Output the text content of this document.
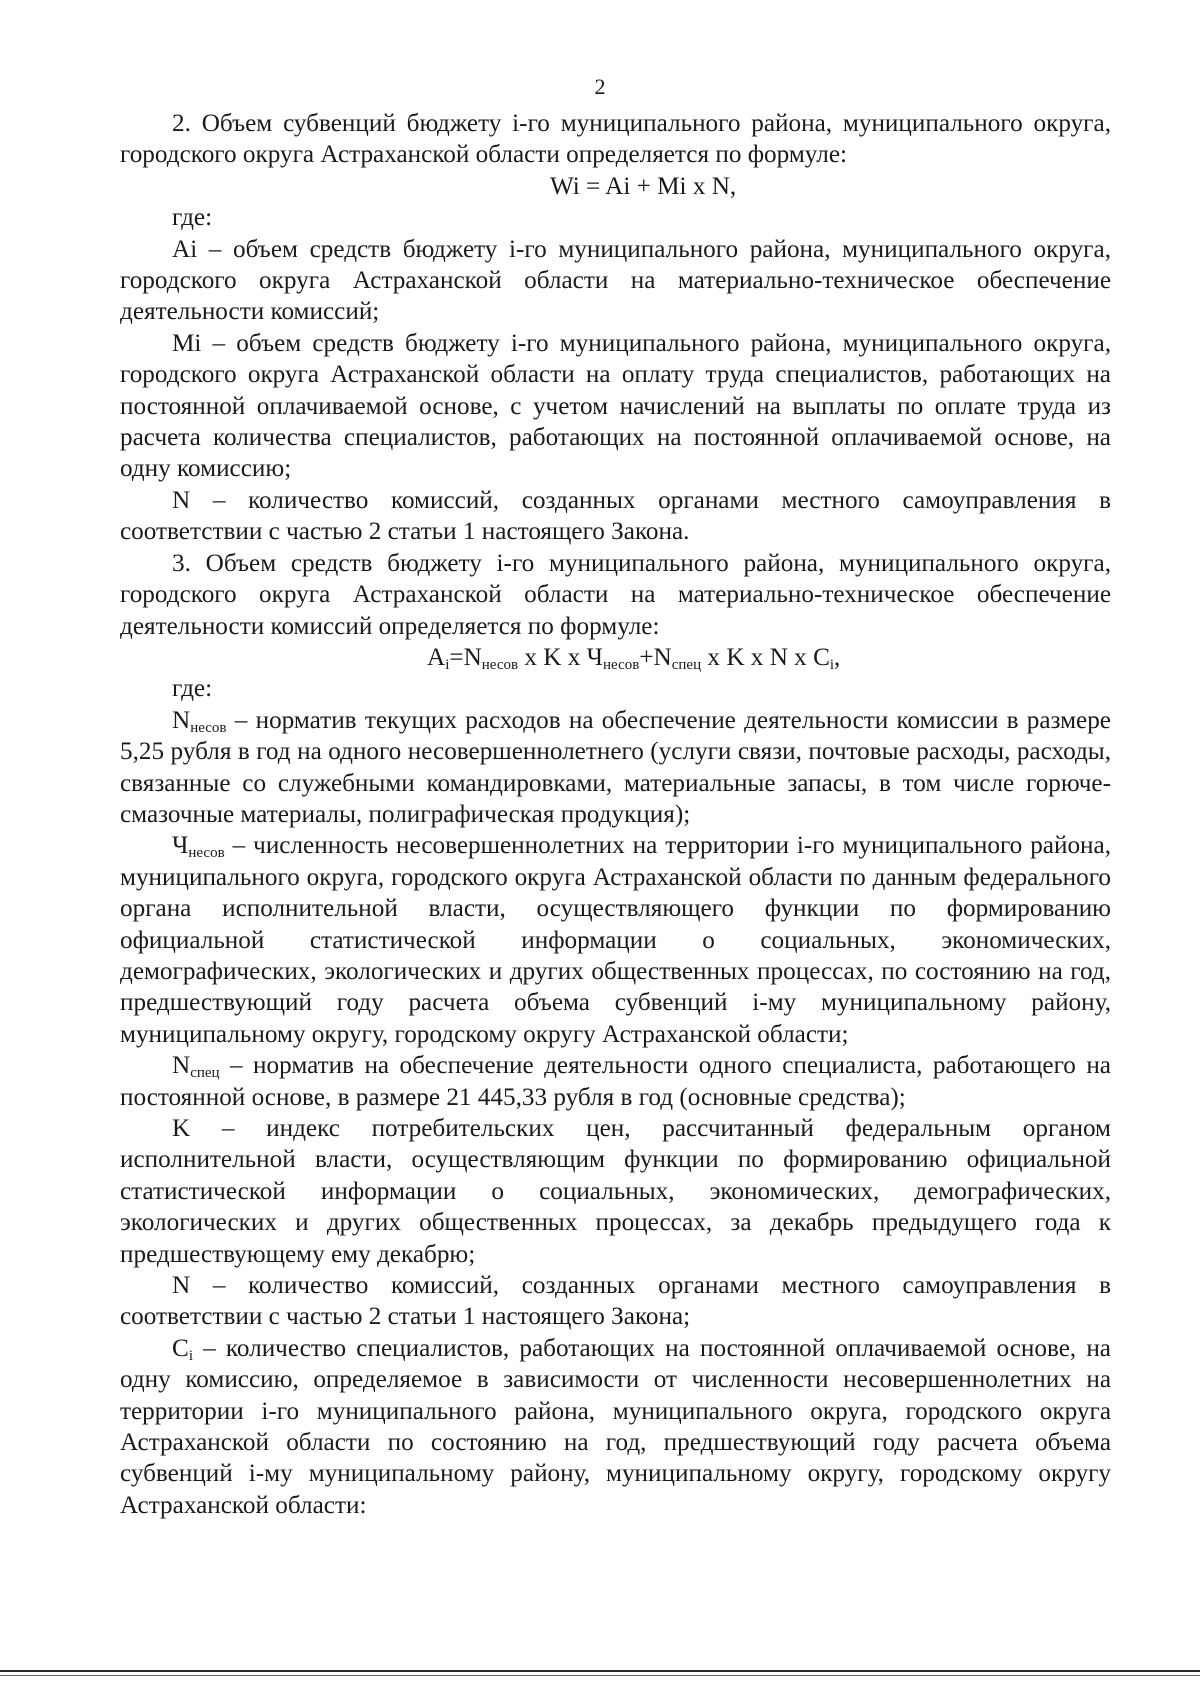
2

2. Объем субвенций бюджету i-го муниципального района, муниципального округа, городского округа Астраханской области определяется по формуле:

Wi = Ai + Mi x N,

где:

Ai – объем средств бюджету i-го муниципального района, муниципального округа, городского округа Астраханской области на материально-техническое обеспечение деятельности комиссий;

Mi – объем средств бюджету i-го муниципального района, муниципального округа, городского округа Астраханской области на оплату труда специалистов, работающих на постоянной оплачиваемой основе, с учетом начислений на выплаты по оплате труда из расчета количества специалистов, работающих на постоянной оплачиваемой основе, на одну комиссию;

N – количество комиссий, созданных органами местного самоуправления в соответствии с частью 2 статьи 1 настоящего Закона.

3. Объем средств бюджету i-го муниципального района, муниципального округа, городского округа Астраханской области на материально-техническое обеспечение деятельности комиссий определяется по формуле:

$A_i=N_{несов}$ x K x $Ч_{несов}+N_{спец}$ x K x N x $C_i$,

где:

$N_{несов}$ – норматив текущих расходов на обеспечение деятельности комиссии в размере 5,25 рубля в год на одного несовершеннолетнего (услуги связи, почтовые расходы, расходы, связанные со служебными командировками, материальные запасы, в том числе горюче-смазочные материалы, полиграфическая продукция);

$Ч_{несов}$ – численность несовершеннолетних на территории i-го муниципального района, муниципального округа, городского округа Астраханской области по данным федерального органа исполнительной власти, осуществляющего функции по формированию официальной статистической информации о социальных, экономических, демографических, экологических и других общественных процессах, по состоянию на год, предшествующий году расчета объема субвенций i-му муниципальному району, муниципальному округу, городскому округу Астраханской области;

$N_{спец}$ – норматив на обеспечение деятельности одного специалиста, работающего на постоянной основе, в размере 21 445,33 рубля в год (основные средства);

K – индекс потребительских цен, рассчитанный федеральным органом исполнительной власти, осуществляющим функции по формированию официальной статистической информации о социальных, экономических, демографических, экологических и других общественных процессах, за декабрь предыдущего года к предшествующему ему декабрю;

N – количество комиссий, созданных органами местного самоуправления в соответствии с частью 2 статьи 1 настоящего Закона;

$C_i$ – количество специалистов, работающих на постоянной оплачиваемой основе, на одну комиссию, определяемое в зависимости от численности несовершеннолетних на территории i-го муниципального района, муниципального округа, городского округа Астраханской области по состоянию на год, предшествующий году расчета объема субвенций i-му муниципальному району, муниципальному округу, городскому округу Астраханской области:
